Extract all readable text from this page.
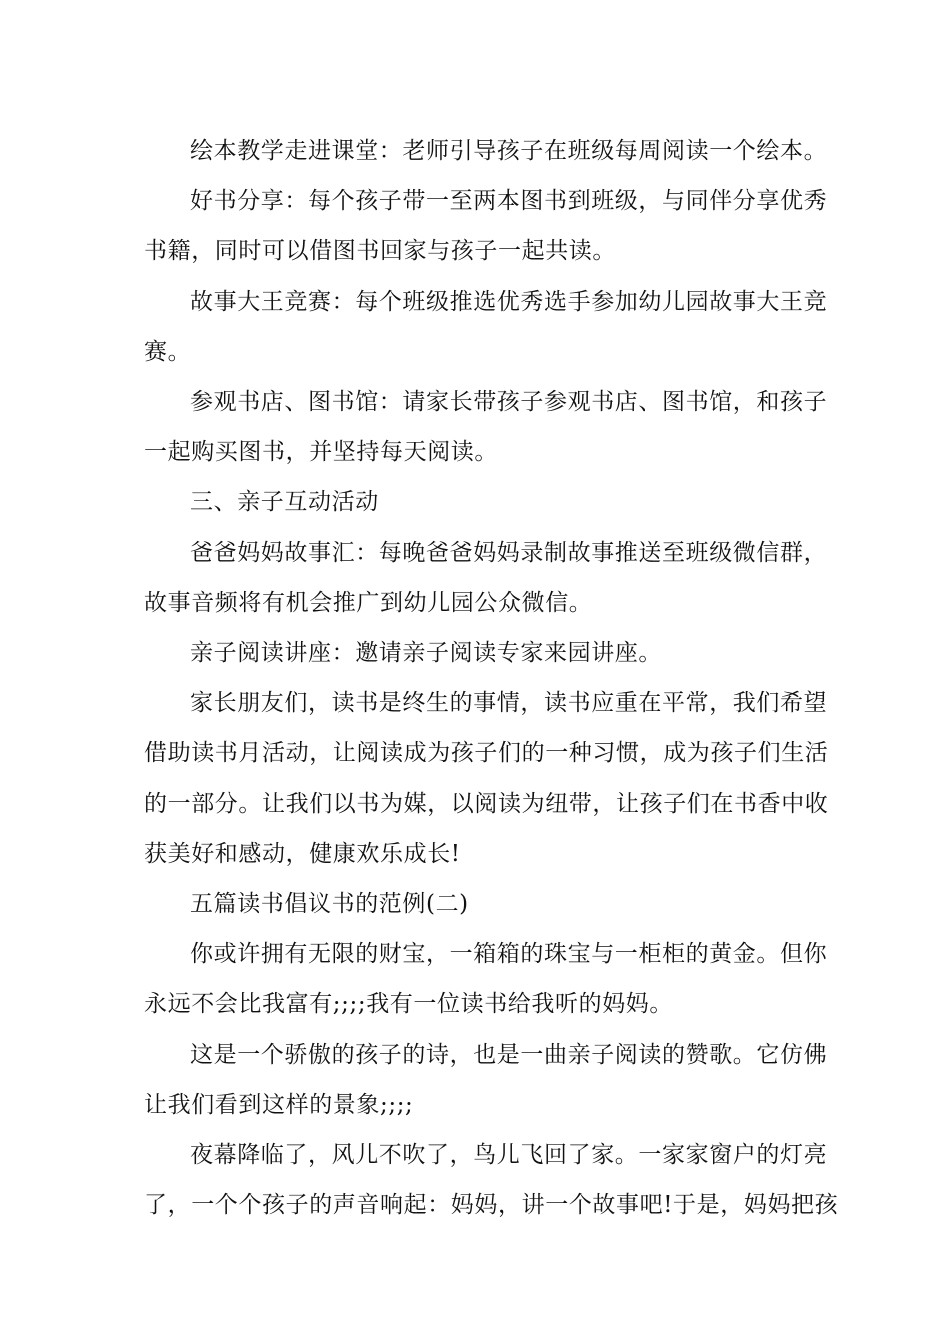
绘本教学走进课堂：老师引导孩子在班级每周阅读一个绘本。

好书分享：每个孩子带一至两本图书到班级，与同伴分享优秀
书籍，同时可以借图书回家与孩子一起共读。

故事大王竞赛：每个班级推选优秀选手参加幼儿园故事大王竞
赛。

参观书店、图书馆：请家长带孩子参观书店、图书馆，和孩子
一起购买图书，并坚持每天阅读。

三、亲子互动活动

爸爸妈妈故事汇：每晚爸爸妈妈录制故事推送至班级微信群，
故事音频将有机会推广到幼儿园公众微信。

亲子阅读讲座：邀请亲子阅读专家来园讲座。

家长朋友们，读书是终生的事情，读书应重在平常，我们希望
借助读书月活动，让阅读成为孩子们的一种习惯，成为孩子们生活
的一部分。让我们以书为媒，以阅读为纽带，让孩子们在书香中收
获美好和感动，健康欢乐成长!

五篇读书倡议书的范例(二)

你或许拥有无限的财宝，一箱箱的珠宝与一柜柜的黄金。但你
永远不会比我富有;;;;我有一位读书给我听的妈妈。

这是一个骄傲的孩子的诗，也是一曲亲子阅读的赞歌。它仿佛
让我们看到这样的景象;;;;

夜幕降临了，风儿不吹了，鸟儿飞回了家。一家家窗户的灯亮
了，一个个孩子的声音响起：妈妈，讲一个故事吧!于是，妈妈把孩
